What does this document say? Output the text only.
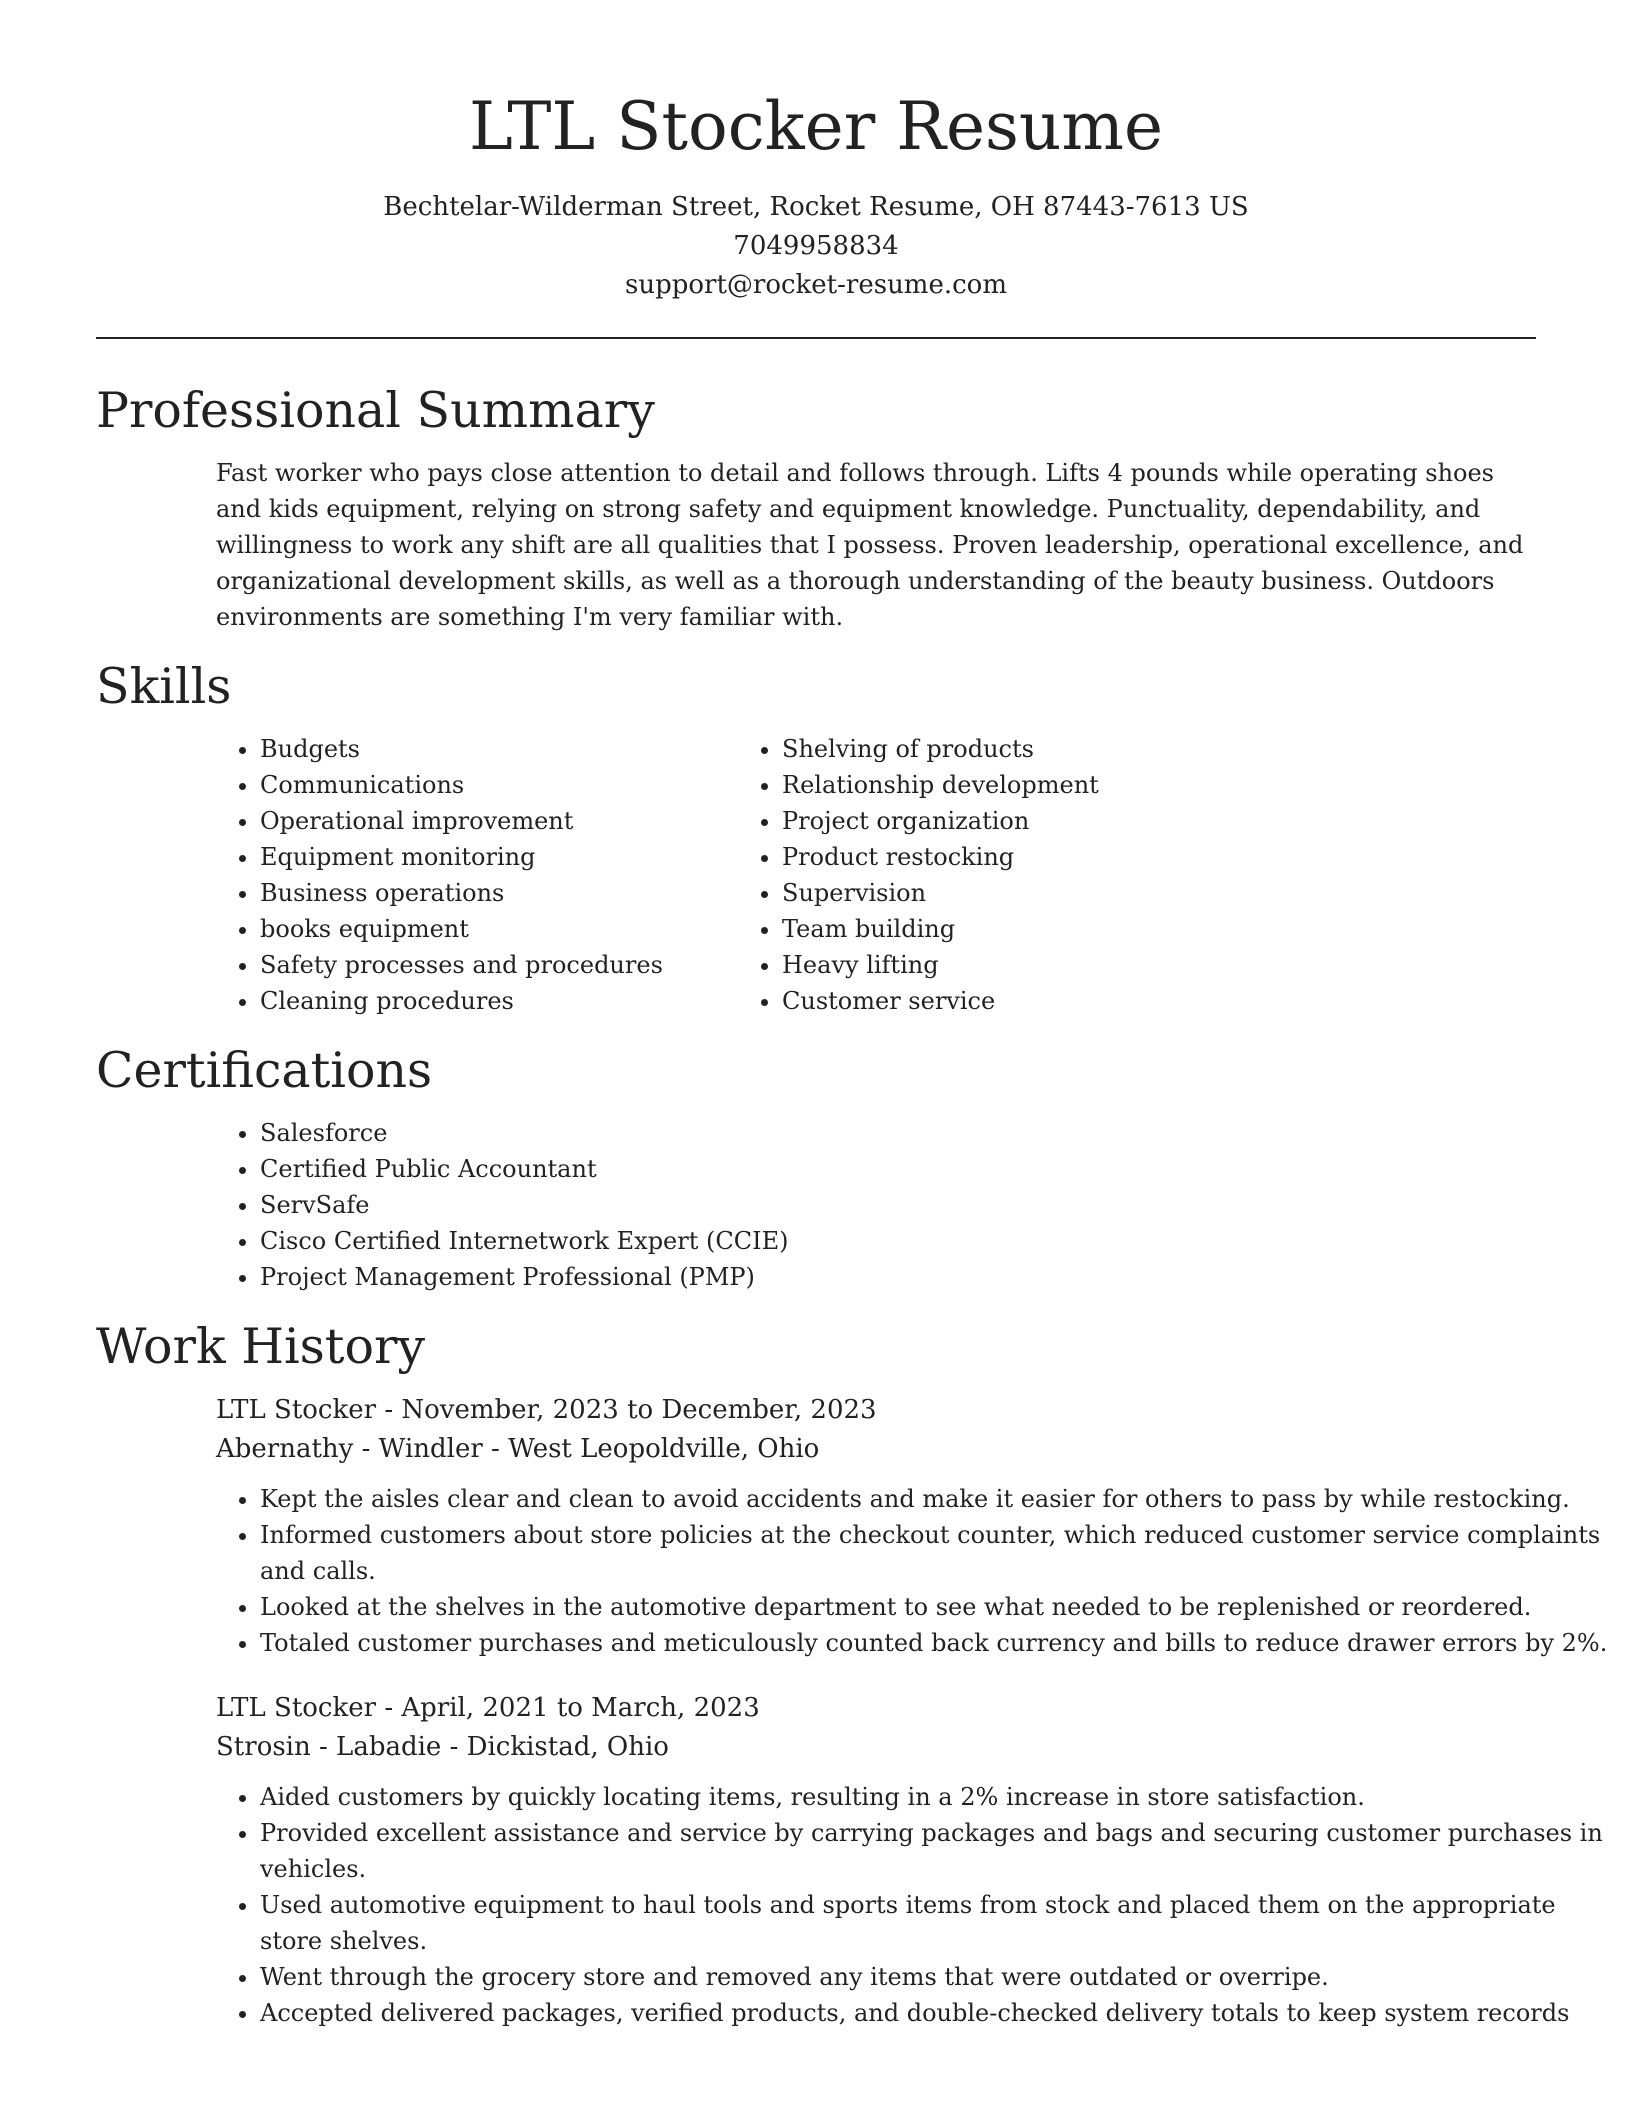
LTL Stocker Resume
Bechtelar-Wilderman Street, Rocket Resume, OH 87443-7613 US
7049958834
support@rocket-resume.com
Professional Summary
Fast worker who pays close attention to detail and follows through. Lifts 4 pounds while operating shoes and kids equipment, relying on strong safety and equipment knowledge. Punctuality, dependability, and willingness to work any shift are all qualities that I possess. Proven leadership, operational excellence, and organizational development skills, as well as a thorough understanding of the beauty business. Outdoors environments are something I'm very familiar with.
Skills
• Budgets
• Communications
• Operational improvement
• Equipment monitoring
• Business operations
• books equipment
• Safety processes and procedures
• Cleaning procedures
• Shelving of products
• Relationship development
• Project organization
• Product restocking
• Supervision
• Team building
• Heavy lifting
• Customer service
Certifications
• Salesforce
• Certified Public Accountant
• ServSafe
• Cisco Certified Internetwork Expert (CCIE)
• Project Management Professional (PMP)
Work History
LTL Stocker - November, 2023 to December, 2023
Abernathy - Windler - West Leopoldville, Ohio
• Kept the aisles clear and clean to avoid accidents and make it easier for others to pass by while restocking.
• Informed customers about store policies at the checkout counter, which reduced customer service complaints and calls.
• Looked at the shelves in the automotive department to see what needed to be replenished or reordered.
• Totaled customer purchases and meticulously counted back currency and bills to reduce drawer errors by 2%.
LTL Stocker - April, 2021 to March, 2023
Strosin - Labadie - Dickistad, Ohio
• Aided customers by quickly locating items, resulting in a 2% increase in store satisfaction.
• Provided excellent assistance and service by carrying packages and bags and securing customer purchases in vehicles.
• Used automotive equipment to haul tools and sports items from stock and placed them on the appropriate store shelves.
• Went through the grocery store and removed any items that were outdated or overripe.
• Accepted delivered packages, verified products, and double-checked delivery totals to keep system records
